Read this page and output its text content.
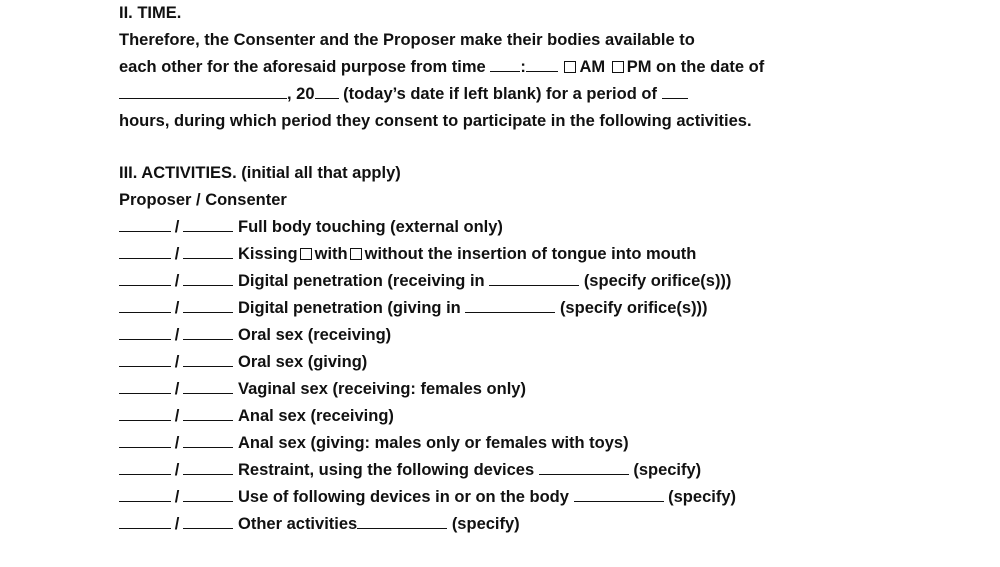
II. TIME.
Therefore, the Consenter and the Proposer make their bodies available to
each other for the aforesaid purpose from time :	AM PM on the date of
, 20 (today’s date if left blank) for a period of
hours, during which period they consent to participate in the following activities.
III. ACTIVITIES. (initial all that apply)
Proposer / Consenter
/	Full body touching (external only)
/	Kissing with without the insertion of tongue into mouth
/	Digital penetration (receiving in	(specify orifice(s)))
/	Digital penetration (giving in	(specify orifice(s)))
/	Oral sex (receiving)
/	Oral sex (giving)
/	Vaginal sex (receiving: females only)
/	Anal sex (receiving)
/	Anal sex (giving: males only or females with toys)
/	Restraint, using the following devices	(specify)
/	Use of following devices in or on the body	(specify)
/	Other activities	(specify)
